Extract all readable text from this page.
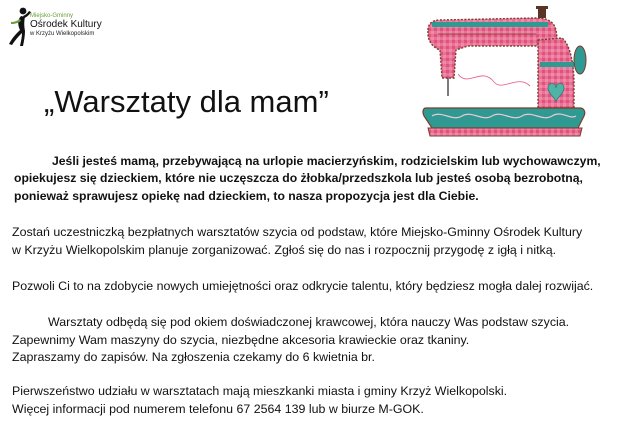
Miejsko-Gminny
Ośrodek Kultury
w Krzyżu Wielkopolskim
„Warsztaty dla mam”
Jeśli jesteś mamą, przebywającą na urlopie macierzyńskim, rodzicielskim lub wychowawczym,
opiekujesz się dzieckiem, które nie uczęszcza do żłobka/przedszkola lub jesteś osobą bezrobotną,
ponieważ sprawujesz opiekę nad dzieckiem, to nasza propozycja jest dla Ciebie.
Zostań uczestniczką bezpłatnych warsztatów szycia od podstaw, które Miejsko-Gminny Ośrodek Kultury
w Krzyżu Wielkopolskim planuje zorganizować. Zgłoś się do nas i rozpocznij przygodę z igłą i nitką.
Pozwoli Ci to na zdobycie nowych umiejętności oraz odkrycie talentu, który będziesz mogła dalej rozwijać.
Warsztaty odbędą się pod okiem doświadczonej krawcowej, która nauczy Was podstaw szycia.
Zapewnimy Wam maszyny do szycia, niezbędne akcesoria krawieckie oraz tkaniny.
Zapraszamy do zapisów. Na zgłoszenia czekamy do 6 kwietnia br.
Pierwszeństwo udziału w warsztatach mają mieszkanki miasta i gminy Krzyż Wielkopolski.
Więcej informacji pod numerem telefonu 67 2564 139 lub w biurze M-GOK.
